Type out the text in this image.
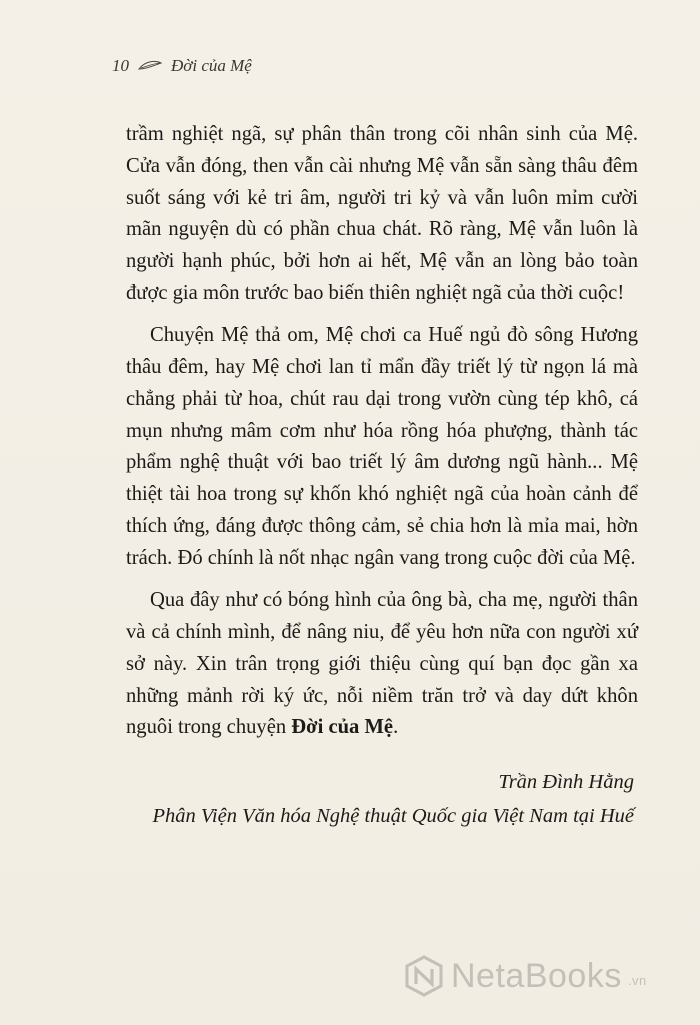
10 Đời của Mệ

trầm nghiệt ngã, sự phân thân trong cõi nhân sinh của Mệ. Cửa vẫn đóng, then vẫn cài nhưng Mệ vẫn sẵn sàng thâu đêm suốt sáng với kẻ tri âm, người tri kỷ và vẫn luôn mỉm cười mãn nguyện dù có phần chua chát. Rõ ràng, Mệ vẫn luôn là người hạnh phúc, bởi hơn ai hết, Mệ vẫn an lòng bảo toàn được gia môn trước bao biến thiên nghiệt ngã của thời cuộc!

Chuyện Mệ thả om, Mệ chơi ca Huế ngủ đò sông Hương thâu đêm, hay Mệ chơi lan tỉ mẩn đầy triết lý từ ngọn lá mà chẳng phải từ hoa, chút rau dại trong vườn cùng tép khô, cá mụn nhưng mâm cơm như hóa rồng hóa phượng, thành tác phẩm nghệ thuật với bao triết lý âm dương ngũ hành... Mệ thiệt tài hoa trong sự khốn khó nghiệt ngã của hoàn cảnh để thích ứng, đáng được thông cảm, sẻ chia hơn là mỉa mai, hờn trách. Đó chính là nốt nhạc ngân vang trong cuộc đời của Mệ.

Qua đây như có bóng hình của ông bà, cha mẹ, người thân và cả chính mình, để nâng niu, để yêu hơn nữa con người xứ sở này. Xin trân trọng giới thiệu cùng quí bạn đọc gần xa những mảnh rời ký ức, nỗi niềm trăn trở và day dứt khôn nguôi trong chuyện Đời của Mệ.

Trần Đình Hằng
Phân Viện Văn hóa Nghệ thuật Quốc gia Việt Nam tại Huế
NetaBooks .vn
